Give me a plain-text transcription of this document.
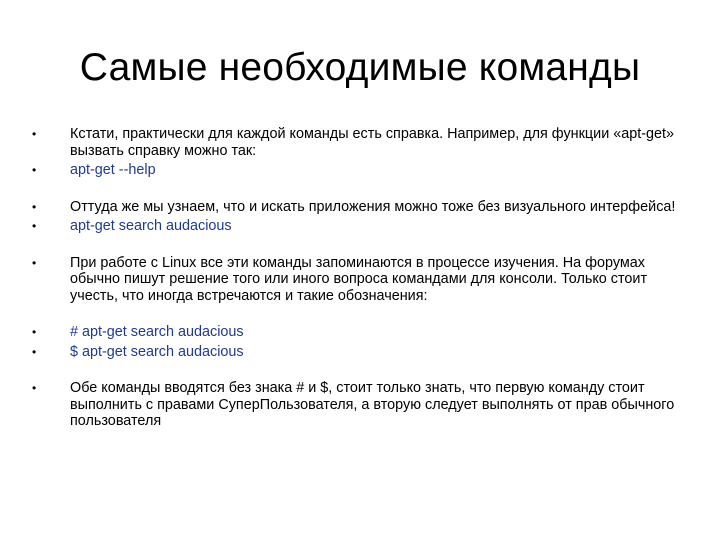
Самые необходимые команды
•	Кстати, практически для каждой команды есть справка. Например, для функции «apt-get» вызвать справку можно так:
•	apt-get --help
•	Оттуда же мы узнаем, что и искать приложения можно тоже без визуального интерфейса!
•	apt-get search audacious
•	При работе с Linux все эти команды запоминаются в процессе изучения. На форумах обычно пишут решение того или иного вопроса командами для консоли. Только стоит учесть, что иногда встречаются и такие обозначения:
•	# apt-get search audacious
•	$ apt-get search audacious
•	Обе команды вводятся без знака # и $, стоит только знать, что первую команду стоит выполнить с правами СуперПользователя, а вторую следует выполнять от прав обычного пользователя
